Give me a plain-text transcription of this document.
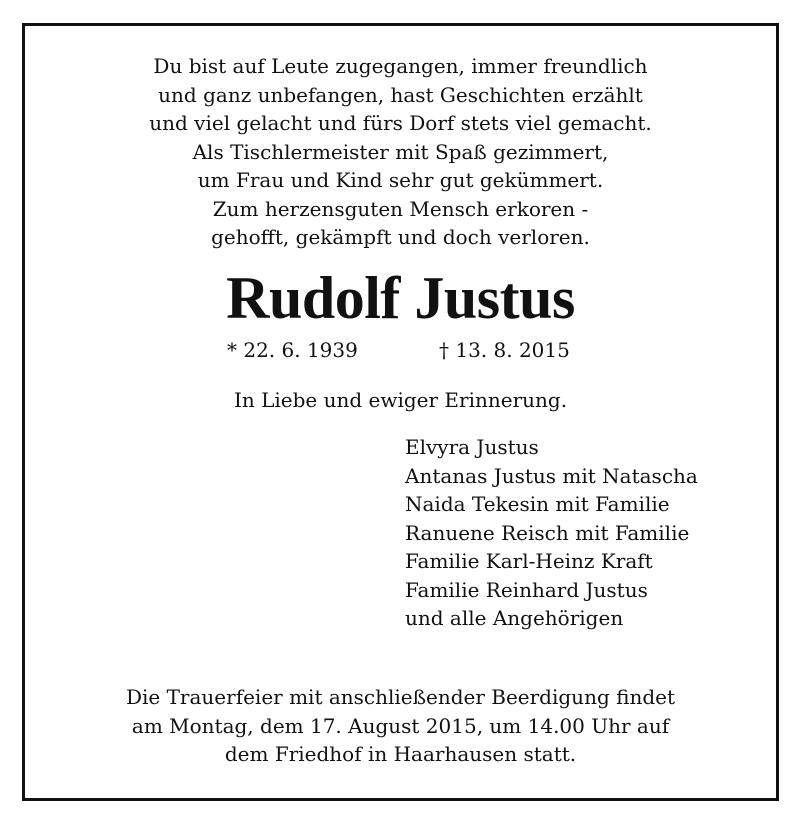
Du bist auf Leute zugegangen, immer freundlich
und ganz unbefangen, hast Geschichten erzählt
und viel gelacht und fürs Dorf stets viel gemacht.
Als Tischlermeister mit Spaß gezimmert,
um Frau und Kind sehr gut gekümmert.
Zum herzensguten Mensch erkoren -
gehofft, gekämpft und doch verloren.
Rudolf Justus
* 22. 6. 1939	† 13. 8. 2015
In Liebe und ewiger Erinnerung.
Elvyra Justus
Antanas Justus mit Natascha
Naida Tekesin mit Familie
Ranuene Reisch mit Familie
Familie Karl-Heinz Kraft
Familie Reinhard Justus
und alle Angehörigen
Die Trauerfeier mit anschließender Beerdigung findet
am Montag, dem 17. August 2015, um 14.00 Uhr auf
dem Friedhof in Haarhausen statt.
